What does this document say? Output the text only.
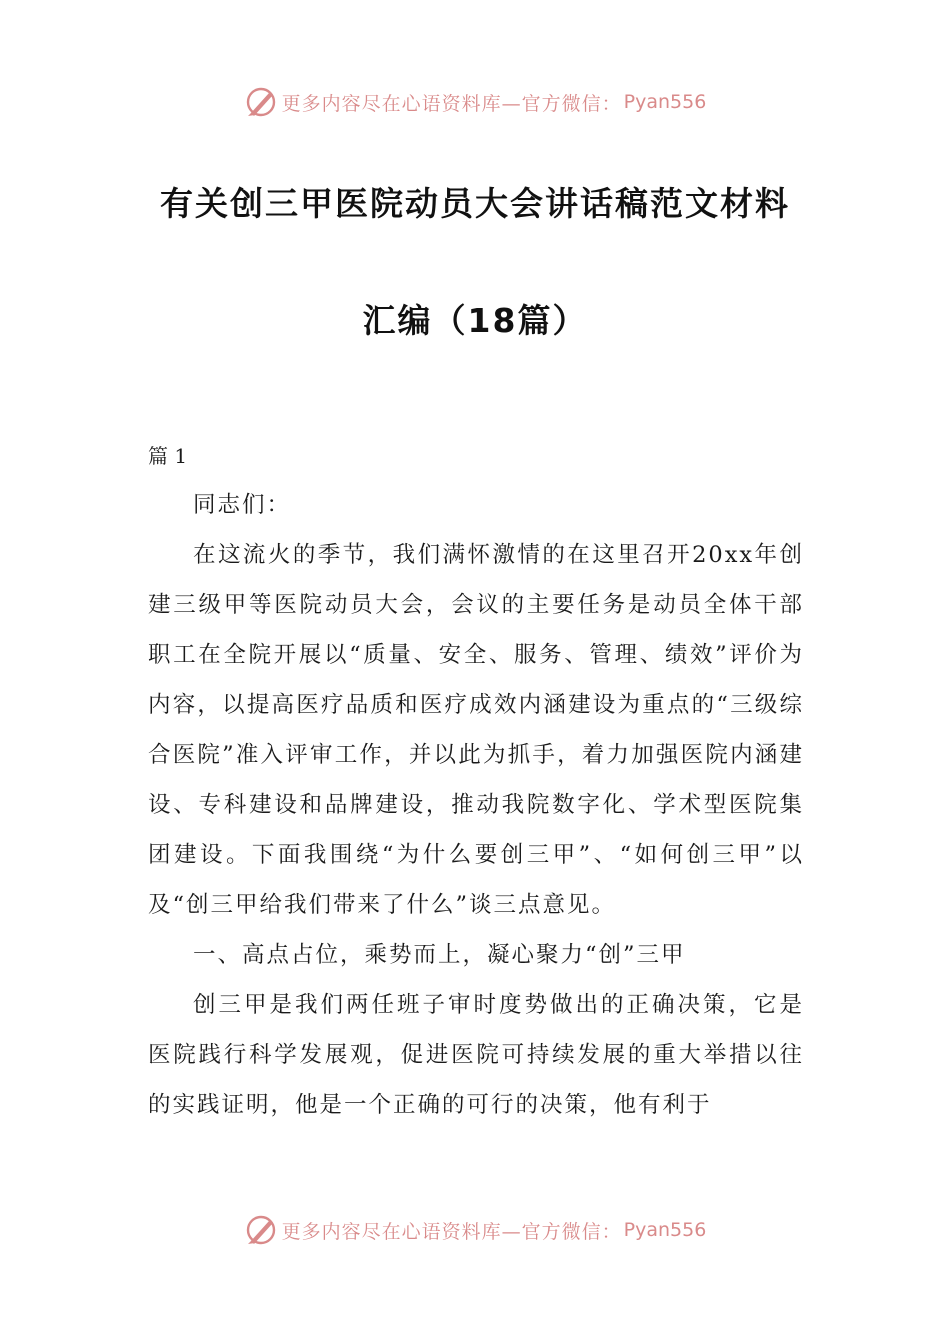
更多内容尽在心语资料库—官方微信： Pyan556
有关创三甲医院动员大会讲话稿范文材料
汇编（18篇）
篇 1

同志们：

在这流火的季节，我们满怀激情的在这里召开20xx年创建三级甲等医院动员大会，会议的主要任务是动员全体干部职工在全院开展以“质量、安全、服务、管理、绩效”评价为内容，以提高医疗品质和医疗成效内涵建设为重点的“三级综合医院”准入评审工作，并以此为抓手，着力加强医院内涵建设、专科建设和品牌建设，推动我院数字化、学术型医院集团建设。下面我围绕“为什么要创三甲”、“如何创三甲”以及“创三甲给我们带来了什么”谈三点意见。

一、高点占位，乘势而上，凝心聚力“创”三甲

创三甲是我们两任班子审时度势做出的正确决策，它是医院践行科学发展观，促进医院可持续发展的重大举措以往的实践证明，他是一个正确的可行的决策，他有利于

更多内容尽在心语资料库—官方微信： Pyan556
